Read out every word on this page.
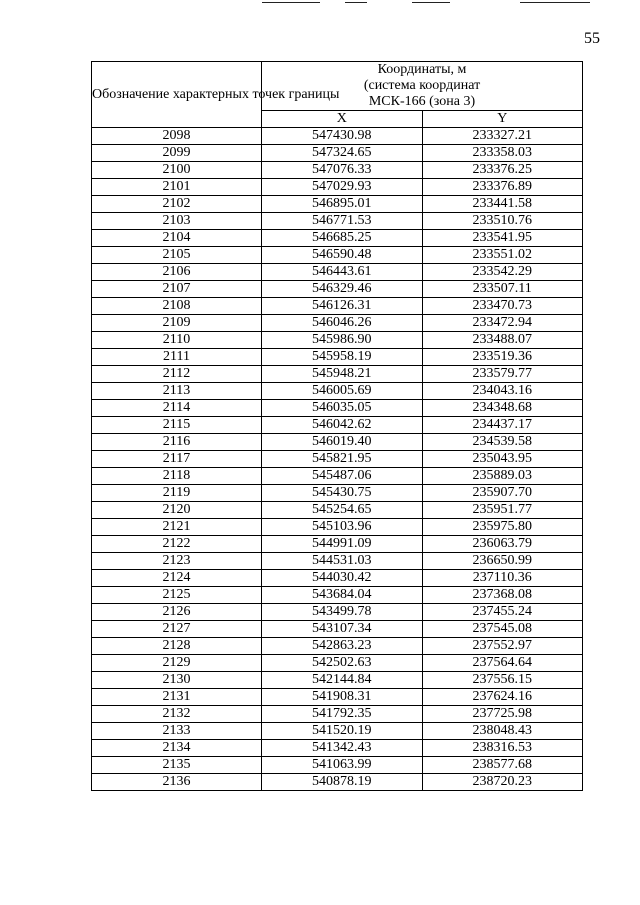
55
Обозначение характерных точек границы	Координаты, м
(система координат
МСК-166 (зона 3)	

	X	Y
2098	547430.98	233327.21
2099	547324.65	233358.03
2100	547076.33	233376.25
2101	547029.93	233376.89
2102	546895.01	233441.58
2103	546771.53	233510.76
2104	546685.25	233541.95
2105	546590.48	233551.02
2106	546443.61	233542.29
2107	546329.46	233507.11
2108	546126.31	233470.73
2109	546046.26	233472.94
2110	545986.90	233488.07
2111	545958.19	233519.36
2112	545948.21	233579.77
2113	546005.69	234043.16
2114	546035.05	234348.68
2115	546042.62	234437.17
2116	546019.40	234539.58
2117	545821.95	235043.95
2118	545487.06	235889.03
2119	545430.75	235907.70
2120	545254.65	235951.77
2121	545103.96	235975.80
2122	544991.09	236063.79
2123	544531.03	236650.99
2124	544030.42	237110.36
2125	543684.04	237368.08
2126	543499.78	237455.24
2127	543107.34	237545.08
2128	542863.23	237552.97
2129	542502.63	237564.64
2130	542144.84	237556.15
2131	541908.31	237624.16
2132	541792.35	237725.98
2133	541520.19	238048.43
2134	541342.43	238316.53
2135	541063.99	238577.68
2136	540878.19	238720.23
